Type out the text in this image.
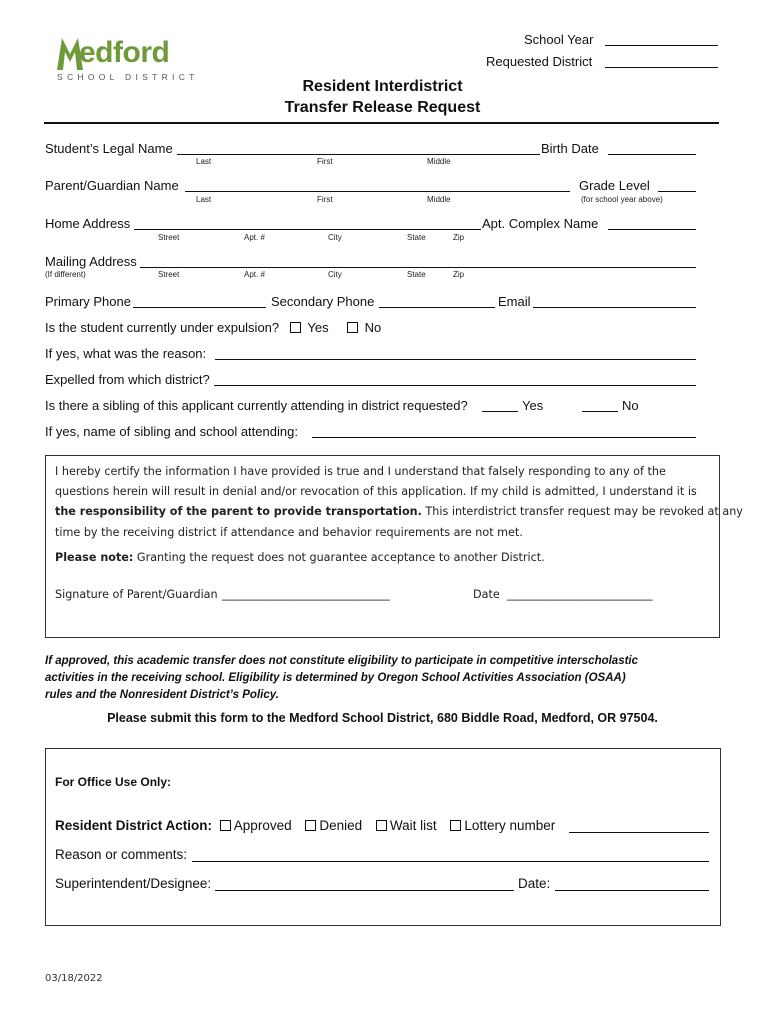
edford
SCHOOL DISTRICT
School Year
Requested District
Resident Interdistrict
Transfer Release Request
Student’s Legal Name	Birth Date
Last	First	Middle
Parent/Guardian Name	Grade Level
Last	First	Middle	(for school year above)
Home Address	Apt. Complex Name
Street	Apt. #	City	State	Zip
Mailing Address
(If different)	Street	Apt. #	City	State	Zip
Primary Phone	Secondary Phone	Email
Is the student currently under expulsion?	Yes	No
If yes, what was the reason:
Expelled from which district?
Is there a sibling of this applicant currently attending in district requested?	Yes	No
If yes, name of sibling and school attending:
I hereby certify the information I have provided is true and I understand that falsely responding to any of the
questions herein will result in denial and/or revocation of this application. If my child is admitted, I understand it is
the responsibility of the parent to provide transportation. This interdistrict transfer request may be revoked at any
time by the receiving district if attendance and behavior requirements are not met.
Please note: Granting the request does not guarantee acceptance to another District.
Signature of Parent/Guardian ______________________________	Date __________________________
If approved, this academic transfer does not constitute eligibility to participate in competitive interscholastic
activities in the receiving school. Eligibility is determined by Oregon School Activities Association (OSAA)
rules and the Nonresident District’s Policy.
Please submit this form to the Medford School District, 680 Biddle Road, Medford, OR 97504.
For Office Use Only:
Resident District Action: Approved Denied Wait list Lottery number
Reason or comments:
Superintendent/Designee:	Date:
03/18/2022
